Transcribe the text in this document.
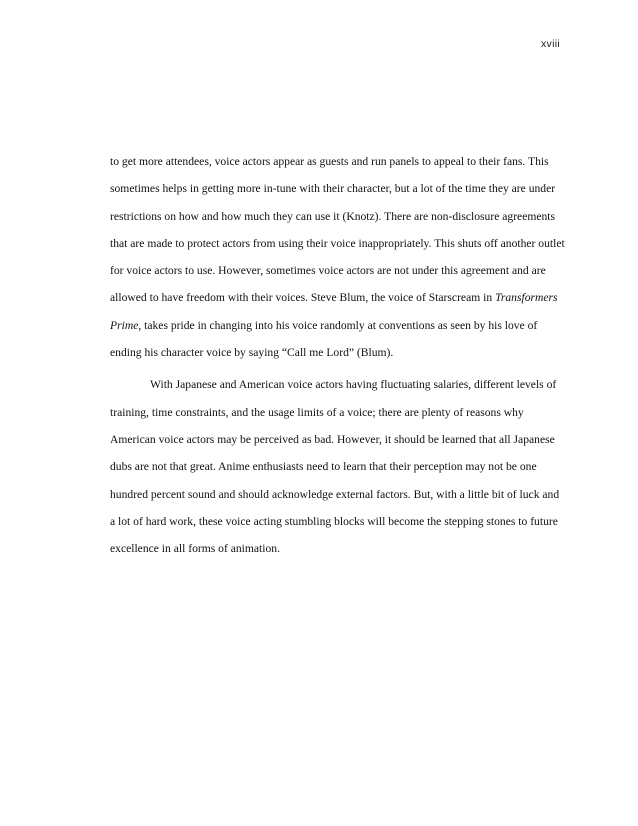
xviii

to get more attendees, voice actors appear as guests and run panels to appeal to their fans. This sometimes helps in getting more in-tune with their character, but a lot of the time they are under restrictions on how and how much they can use it (Knotz). There are non-disclosure agreements that are made to protect actors from using their voice inappropriately. This shuts off another outlet for voice actors to use. However, sometimes voice actors are not under this agreement and are allowed to have freedom with their voices. Steve Blum, the voice of Starscream in Transformers Prime, takes pride in changing into his voice randomly at conventions as seen by his love of ending his character voice by saying “Call me Lord” (Blum).

With Japanese and American voice actors having fluctuating salaries, different levels of training, time constraints, and the usage limits of a voice; there are plenty of reasons why American voice actors may be perceived as bad. However, it should be learned that all Japanese dubs are not that great. Anime enthusiasts need to learn that their perception may not be one hundred percent sound and should acknowledge external factors. But, with a little bit of luck and a lot of hard work, these voice acting stumbling blocks will become the stepping stones to future excellence in all forms of animation.
